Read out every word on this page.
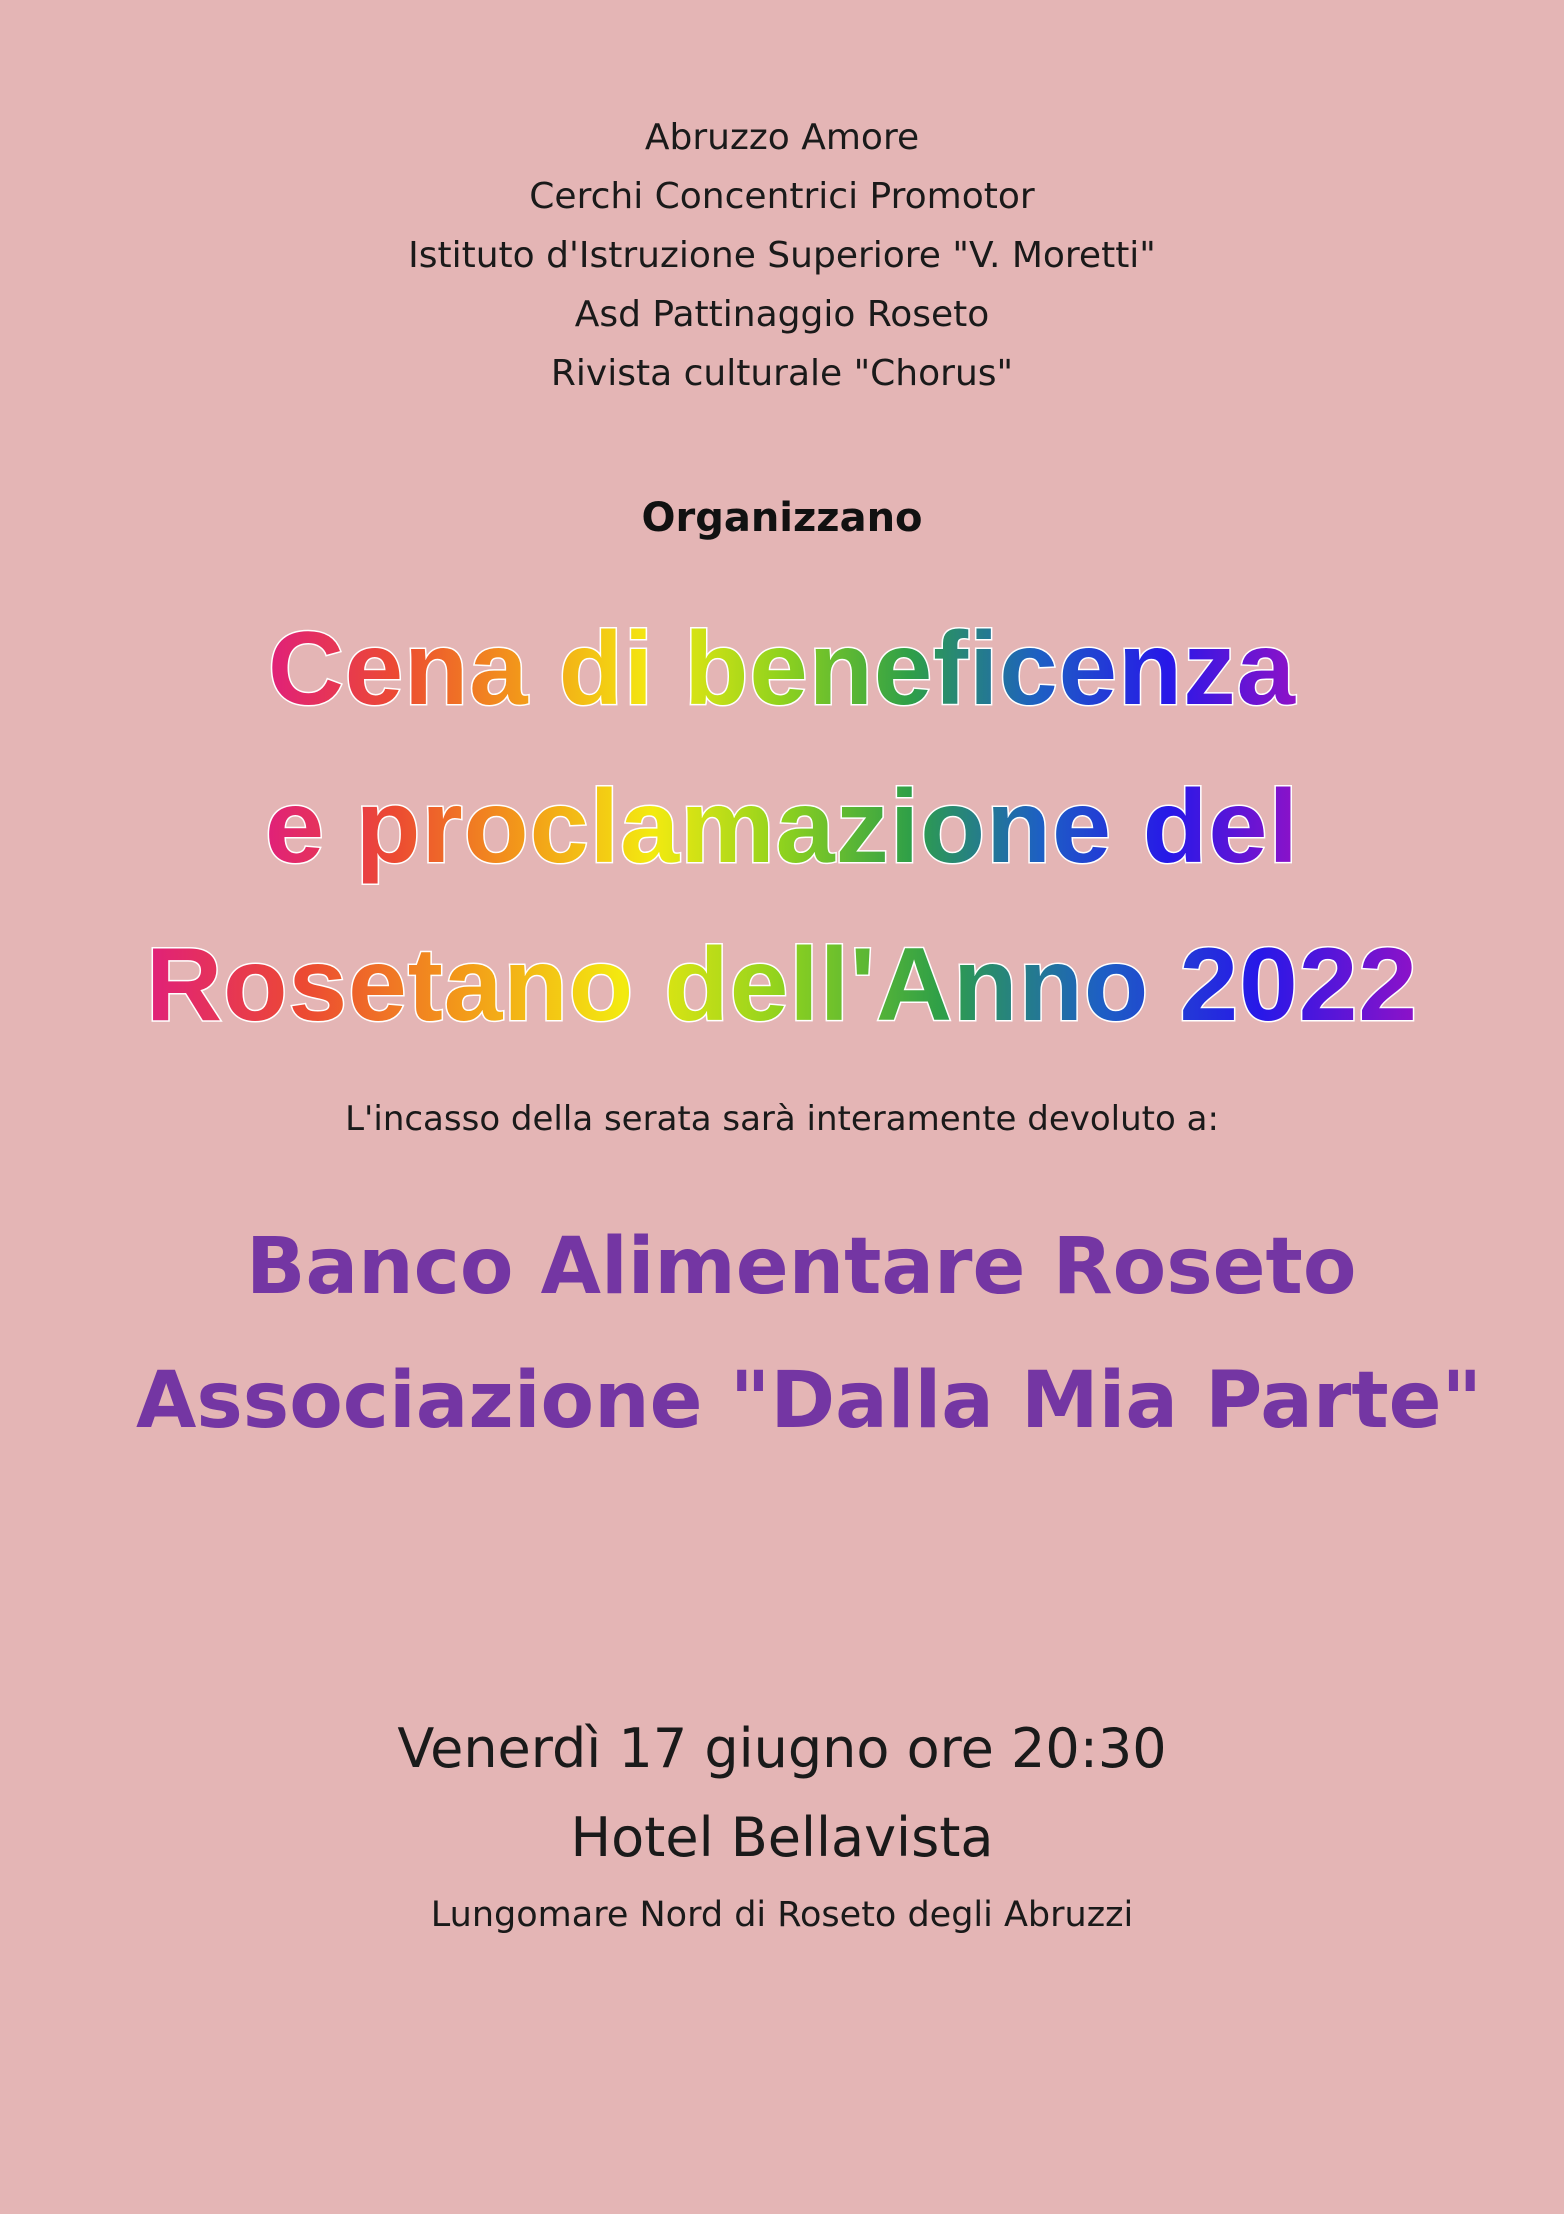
Abruzzo Amore
Cerchi Concentrici Promotor
Istituto d'Istruzione Superiore "V. Moretti"
Asd Pattinaggio Roseto
Rivista culturale "Chorus"
Organizzano
Cena di beneficenza
e proclamazione del
Rosetano dell'Anno 2022
L'incasso della serata sarà interamente devoluto a:
Banco Alimentare Roseto
Associazione "Dalla Mia Parte"
Venerdì 17 giugno ore 20:30
Hotel Bellavista
Lungomare Nord di Roseto degli Abruzzi
